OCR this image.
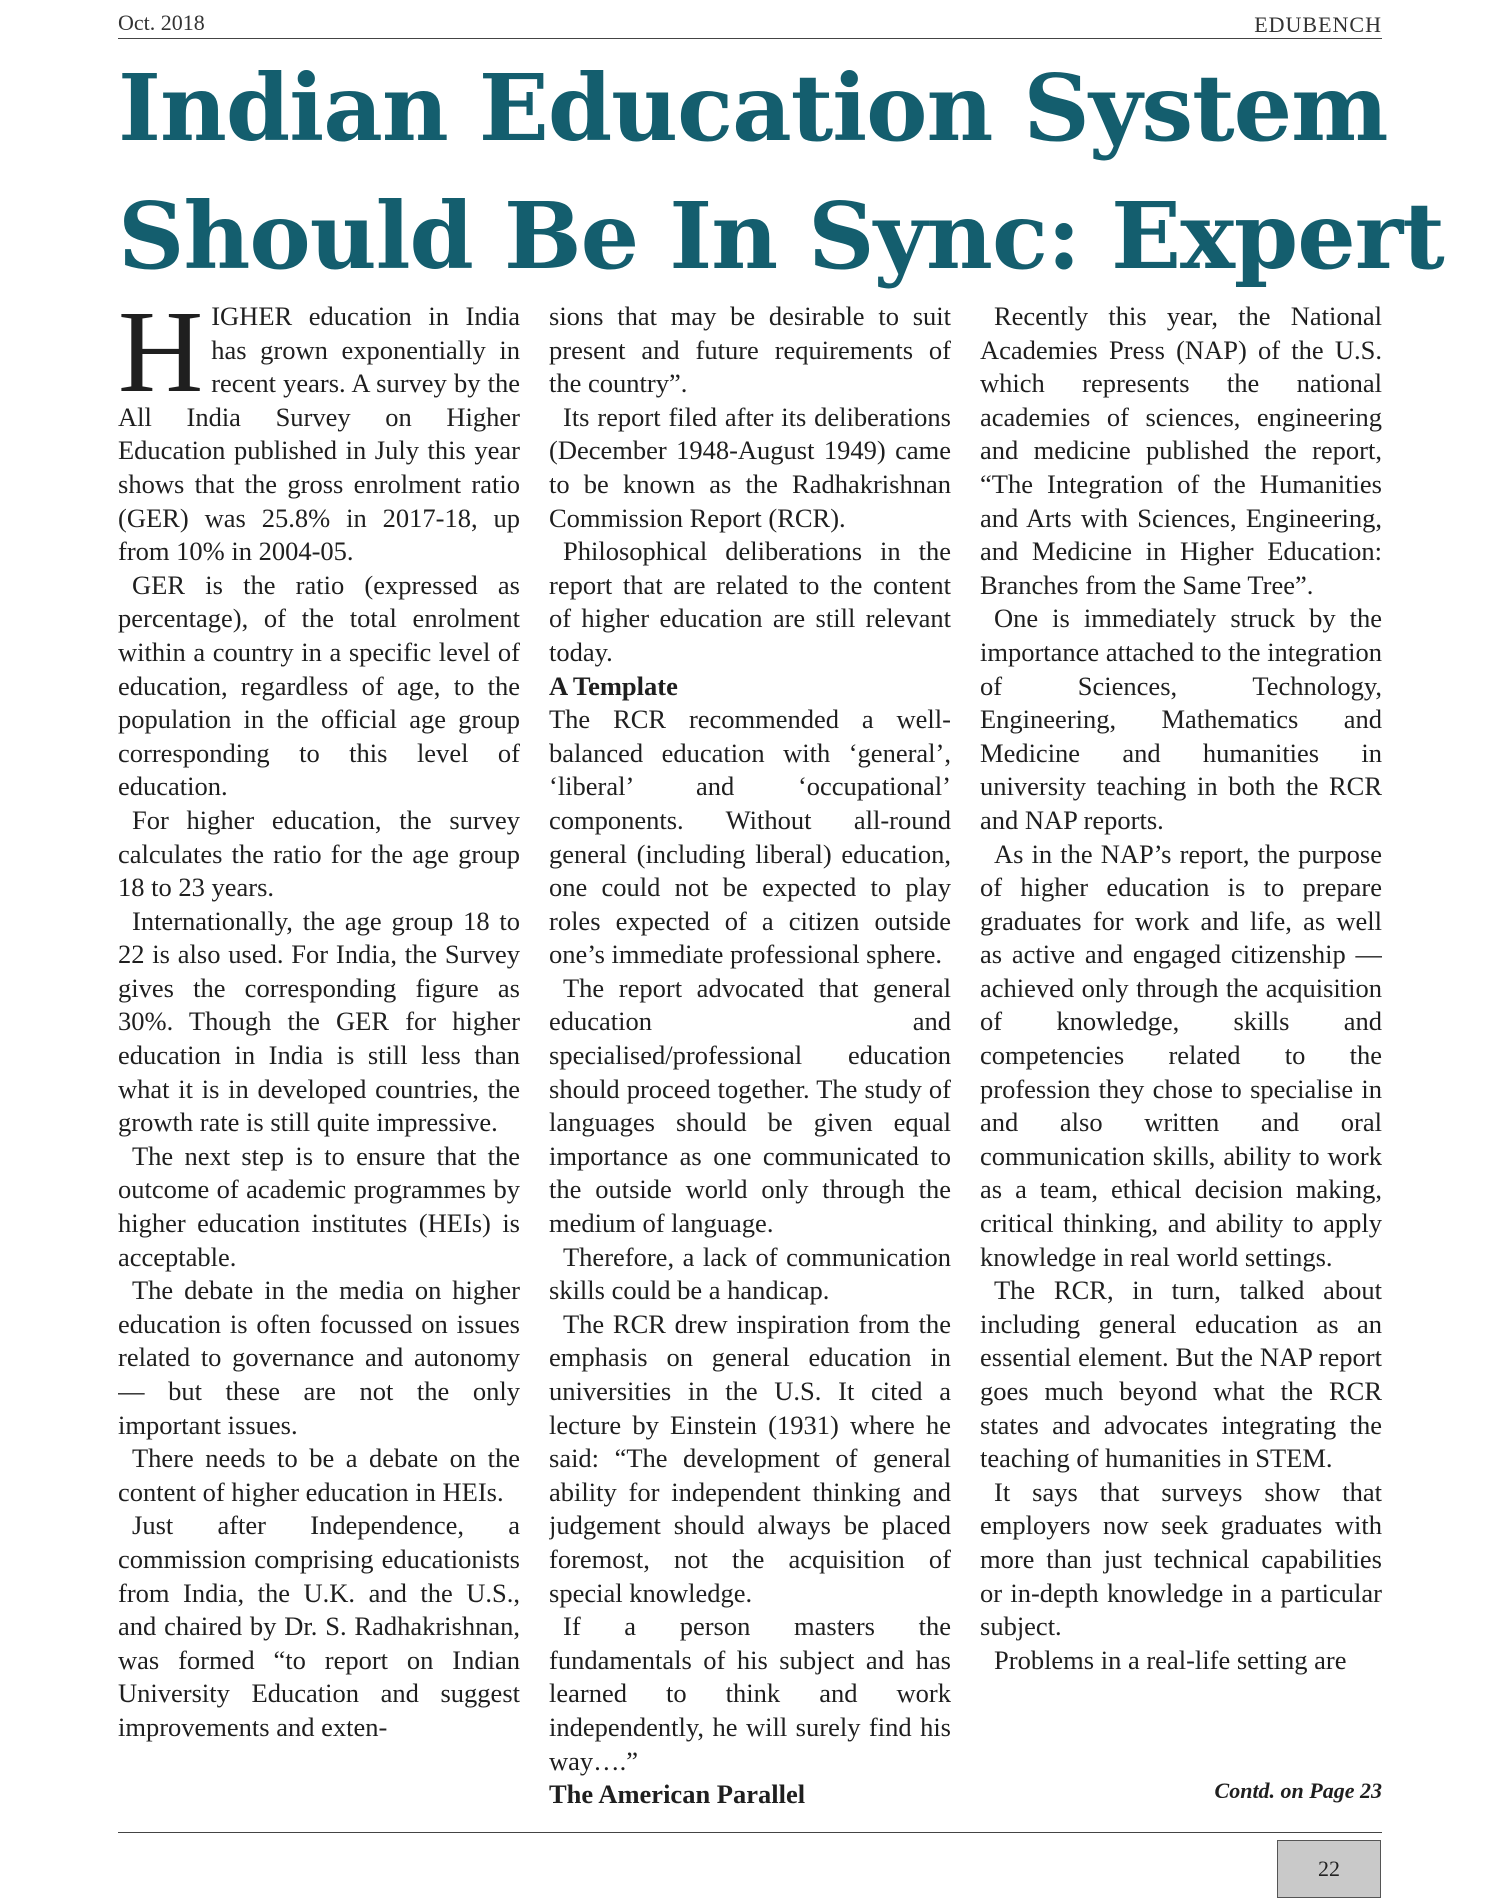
Oct. 2018	EDUBENCH
Indian Education System
Should Be In Sync: Expert

HIGHER education in India has grown exponentially in recent years. A survey by the All India Survey on Higher Education published in July this year shows that the gross enrolment ratio (GER) was 25.8% in 2017-18, up from 10% in 2004-05.

GER is the ratio (expressed as percentage), of the total enrolment within a country in a specific level of education, regardless of age, to the population in the official age group corresponding to this level of education.

For higher education, the survey calculates the ratio for the age group 18 to 23 years.

Internationally, the age group 18 to 22 is also used. For India, the Survey gives the corresponding figure as 30%. Though the GER for higher education in India is still less than what it is in developed countries, the growth rate is still quite impressive.

The next step is to ensure that the outcome of academic programmes by higher education institutes (HEIs) is acceptable.

The debate in the media on higher education is often focussed on issues related to governance and autonomy — but these are not the only important issues.

There needs to be a debate on the content of higher education in HEIs.

Just after Independence, a commission comprising educationists from India, the U.K. and the U.S., and chaired by Dr. S. Radhakrishnan, was formed “to report on Indian University Education and suggest improvements and exten-

sions that may be desirable to suit present and future requirements of the country”.

Its report filed after its deliberations (December 1948-August 1949) came to be known as the Radhakrishnan Commission Report (RCR).

Philosophical deliberations in the report that are related to the content of higher education are still relevant today.

A Template

The RCR recommended a well-balanced education with ‘general’, ‘liberal’ and ‘occupational’ components. Without all-round general (including liberal) education, one could not be expected to play roles expected of a citizen outside one’s immediate professional sphere.

The report advocated that general education and specialised/professional education should proceed together. The study of languages should be given equal importance as one communicated to the outside world only through the medium of language.

Therefore, a lack of communication skills could be a handicap.

The RCR drew inspiration from the emphasis on general education in universities in the U.S. It cited a lecture by Einstein (1931) where he said: “The development of general ability for independent thinking and judgement should always be placed foremost, not the acquisition of special knowledge.

If a person masters the fundamentals of his subject and has learned to think and work independently, he will surely find his way….”

The American Parallel

Recently this year, the National Academies Press (NAP) of the U.S. which represents the national academies of sciences, engineering and medicine published the report, “The Integration of the Humanities and Arts with Sciences, Engineering, and Medicine in Higher Education: Branches from the Same Tree”.

One is immediately struck by the importance attached to the integration of Sciences, Technology, Engineering, Mathematics and Medicine and humanities in university teaching in both the RCR and NAP reports.

As in the NAP’s report, the purpose of higher education is to prepare graduates for work and life, as well as active and engaged citizenship — achieved only through the acquisition of knowledge, skills and competencies related to the profession they chose to specialise in and also written and oral communication skills, ability to work as a team, ethical decision making, critical thinking, and ability to apply knowledge in real world settings.

The RCR, in turn, talked about including general education as an essential element. But the NAP report goes much beyond what the RCR states and advocates integrating the teaching of humanities in STEM.

It says that surveys show that employers now seek graduates with more than just technical capabilities or in-depth knowledge in a particular subject.

Problems in a real-life setting are

Contd. on Page 23
22
